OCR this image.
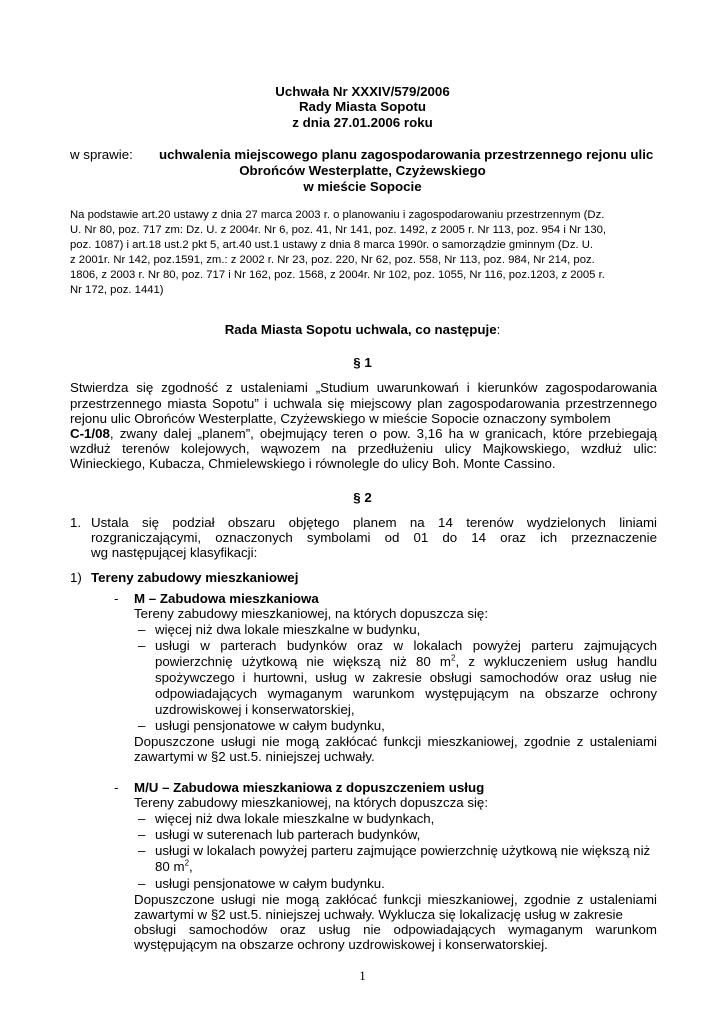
Uchwała Nr XXXIV/579/2006
Rady Miasta Sopotu
z dnia 27.01.2006 roku
w sprawie: uchwalenia miejscowego planu zagospodarowania przestrzennego rejonu ulic
Obrońców Westerplatte, Czyżewskiego
w mieście Sopocie
Na podstawie art.20 ustawy z dnia 27 marca 2003 r. o planowaniu i zagospodarowaniu przestrzennym (Dz.
U. Nr 80, poz. 717 zm: Dz. U. z 2004r. Nr 6, poz. 41, Nr 141, poz. 1492, z 2005 r. Nr 113, poz. 954 i Nr 130,
poz. 1087) i art.18 ust.2 pkt 5, art.40 ust.1 ustawy z dnia 8 marca 1990r. o samorządzie gminnym (Dz. U.
z 2001r. Nr 142, poz.1591, zm.: z 2002 r. Nr 23, poz. 220, Nr 62, poz. 558, Nr 113, poz. 984, Nr 214, poz.
1806, z 2003 r. Nr 80, poz. 717 i Nr 162, poz. 1568, z 2004r. Nr 102, poz. 1055, Nr 116, poz.1203, z 2005 r.
Nr 172, poz. 1441)
Rada Miasta Sopotu uchwala, co następuje:
§ 1
Stwierdza się zgodność z ustaleniami „Studium uwarunkowań i kierunków zagospodarowania
przestrzennego miasta Sopotu” i uchwala się miejscowy plan zagospodarowania przestrzennego
rejonu ulic Obrońców Westerplatte, Czyżewskiego w mieście Sopocie oznaczony symbolem
C-1/08, zwany dalej „planem”, obejmujący teren o pow. 3,16 ha w granicach, które przebiegają
wzdłuż terenów kolejowych, wąwozem na przedłużeniu ulicy Majkowskiego, wzdłuż ulic:
Winieckiego, Kubacza, Chmielewskiego i równolegle do ulicy Boh. Monte Cassino.
§ 2
1. Ustala się podział obszaru objętego planem na 14 terenów wydzielonych liniami
rozgraniczającymi, oznaczonych symbolami od 01 do 14 oraz ich przeznaczenie
wg następującej klasyfikacji:
1) Tereny zabudowy mieszkaniowej
- M – Zabudowa mieszkaniowa
Tereny zabudowy mieszkaniowej, na których dopuszcza się:
– więcej niż dwa lokale mieszkalne w budynku,
– usługi w parterach budynków oraz w lokalach powyżej parteru zajmujących
powierzchnię użytkową nie większą niż 80 $m^2$, z wykluczeniem usług handlu
spożywczego i hurtowni, usług w zakresie obsługi samochodów oraz usług nie
odpowiadających wymaganym warunkom występującym na obszarze ochrony
uzdrowiskowej i konserwatorskiej,
– usługi pensjonatowe w całym budynku,
Dopuszczone usługi nie mogą zakłócać funkcji mieszkaniowej, zgodnie z ustaleniami
zawartymi w §2 ust.5. niniejszej uchwały.
- M/U – Zabudowa mieszkaniowa z dopuszczeniem usług
Tereny zabudowy mieszkaniowej, na których dopuszcza się:
– więcej niż dwa lokale mieszkalne w budynkach,
– usługi w suterenach lub parterach budynków,
– usługi w lokalach powyżej parteru zajmujące powierzchnię użytkową nie większą niż
80 $m^2$,
– usługi pensjonatowe w całym budynku.
Dopuszczone usługi nie mogą zakłócać funkcji mieszkaniowej, zgodnie z ustaleniami
zawartymi w §2 ust.5. niniejszej uchwały. Wyklucza się lokalizację usług w zakresie
obsługi samochodów oraz usług nie odpowiadających wymaganym warunkom
występującym na obszarze ochrony uzdrowiskowej i konserwatorskiej.
1
